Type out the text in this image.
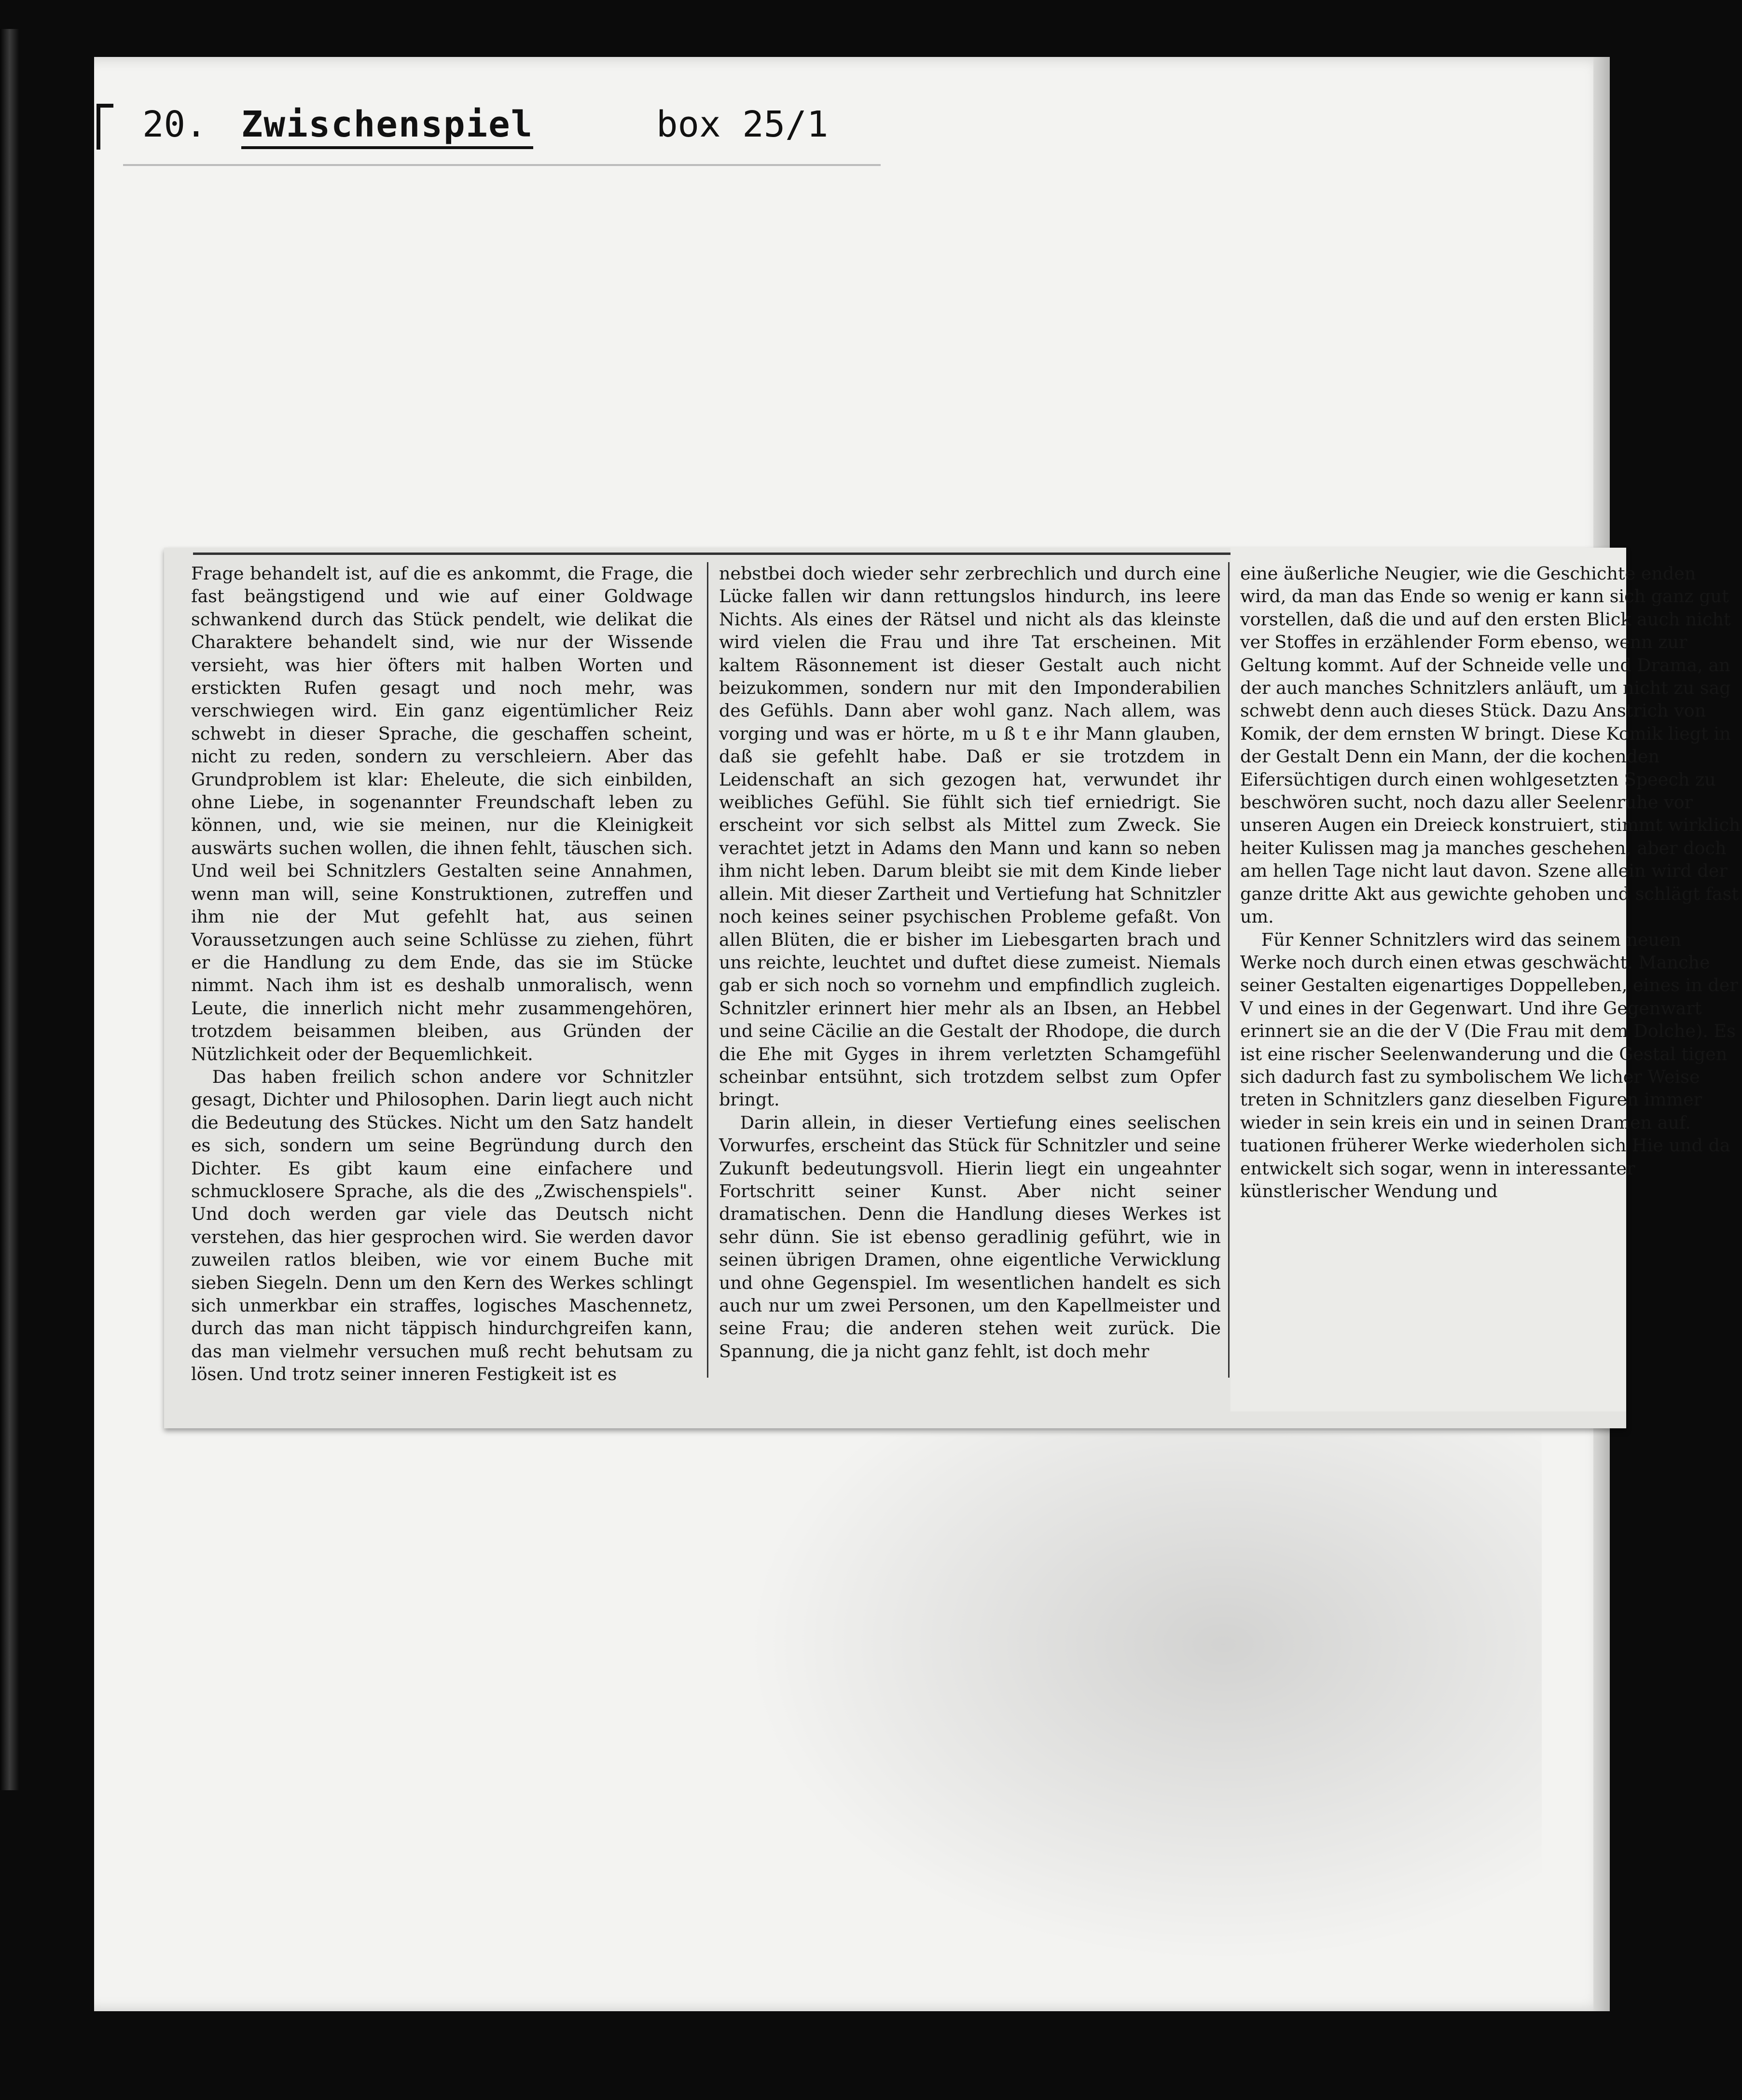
20.

Zwischenspiel

	box 25/1

Frage behandelt ist, auf die es ankommt, die Frage, die fast beängstigend und wie auf einer Goldwage schwankend durch das Stück pendelt, wie delikat die Charaktere behandelt sind, wie nur der Wissende versieht, was hier öfters mit halben Worten und erstickten Rufen gesagt und noch mehr, was verschwiegen wird. Ein ganz eigentümlicher Reiz schwebt in dieser Sprache, die geschaffen scheint, nicht zu reden, sondern zu verschleiern. Aber das Grundproblem ist klar: Eheleute, die sich einbilden, ohne Liebe, in sogenannter Freundschaft leben zu können, und, wie sie meinen, nur die Kleinigkeit auswärts suchen wollen, die ihnen fehlt, täuschen sich. Und weil bei Schnitzlers Gestalten seine Annahmen, wenn man will, seine Konstruktionen, zutreffen und ihm nie der Mut gefehlt hat, aus seinen Voraussetzungen auch seine Schlüsse zu ziehen, führt er die Handlung zu dem Ende, das sie im Stücke nimmt. Nach ihm ist es deshalb unmoralisch, wenn Leute, die innerlich nicht mehr zusammengehören, trotzdem beisammen bleiben, aus Gründen der Nützlichkeit oder der Bequemlichkeit.

Das haben freilich schon andere vor Schnitzler gesagt, Dichter und Philosophen. Darin liegt auch nicht die Bedeutung des Stückes. Nicht um den Satz handelt es sich, sondern um seine Begründung durch den Dichter. Es gibt kaum eine einfachere und schmucklosere Sprache, als die des „Zwischenspiels". Und doch werden gar viele das Deutsch nicht verstehen, das hier gesprochen wird. Sie werden davor zuweilen ratlos bleiben, wie vor einem Buche mit sieben Siegeln. Denn um den Kern des Werkes schlingt sich unmerkbar ein straffes, logisches Maschennetz, durch das man nicht täppisch hindurchgreifen kann, das man vielmehr versuchen muß recht behutsam zu lösen. Und trotz seiner inneren Festigkeit ist es

nebstbei doch wieder sehr zerbrechlich und durch eine Lücke fallen wir dann rettungslos hindurch, ins leere Nichts. Als eines der Rätsel und nicht als das kleinste wird vielen die Frau und ihre Tat erscheinen. Mit kaltem Räsonnement ist dieser Gestalt auch nicht beizukommen, sondern nur mit den Imponderabilien des Gefühls. Dann aber wohl ganz. Nach allem, was vorging und was er hörte, m u ß t e ihr Mann glauben, daß sie gefehlt habe. Daß er sie trotzdem in Leidenschaft an sich gezogen hat, verwundet ihr weibliches Gefühl. Sie fühlt sich tief erniedrigt. Sie erscheint vor sich selbst als Mittel zum Zweck. Sie verachtet jetzt in Adams den Mann und kann so neben ihm nicht leben. Darum bleibt sie mit dem Kinde lieber allein. Mit dieser Zartheit und Vertiefung hat Schnitzler noch keines seiner psychischen Probleme gefaßt. Von allen Blüten, die er bisher im Liebesgarten brach und uns reichte, leuchtet und duftet diese zumeist. Niemals gab er sich noch so vornehm und empfindlich zugleich. Schnitzler erinnert hier mehr als an Ibsen, an Hebbel und seine Cäcilie an die Gestalt der Rhodope, die durch die Ehe mit Gyges in ihrem verletzten Schamgefühl scheinbar entsühnt, sich trotzdem selbst zum Opfer bringt.

Darin allein, in dieser Vertiefung eines seelischen Vorwurfes, erscheint das Stück für Schnitzler und seine Zukunft bedeutungsvoll. Hierin liegt ein ungeahnter Fortschritt seiner Kunst. Aber nicht seiner dramatischen. Denn die Handlung dieses Werkes ist sehr dünn. Sie ist ebenso geradlinig geführt, wie in seinen übrigen Dramen, ohne eigentliche Verwicklung und ohne Gegenspiel. Im wesentlichen handelt es sich auch nur um zwei Personen, um den Kapellmeister und seine Frau; die anderen stehen weit zurück. Die Spannung, die ja nicht ganz fehlt, ist doch mehr

eine äußerliche Neugier, wie die Geschichte enden wird, da man das Ende so wenig er kann sich ganz gut vorstellen, daß die und auf den ersten Blick auch nicht ver Stoffes in erzählender Form ebenso, wenn zur Geltung kommt. Auf der Schneide velle und Drama, an der auch manches Schnitzlers anläuft, um nicht zu sag schwebt denn auch dieses Stück. Dazu Anstrich von Komik, der dem ernsten W bringt. Diese Komik liegt in der Gestalt Denn ein Mann, der die kochenden Eifersüchtigen durch einen wohlgesetzten Speech zu beschwören sucht, noch dazu aller Seelenruhe vor unseren Augen ein Dreieck konstruiert, stimmt wirklich heiter Kulissen mag ja manches geschehen, aber doch am hellen Tage nicht laut davon. Szene allein wird der ganze dritte Akt aus gewichte gehoben und schlägt fast um.

Für Kenner Schnitzlers wird das seinem neuen Werke noch durch einen etwas geschwächt. Manche seiner Gestalten eigenartiges Doppelleben, eines in der V und eines in der Gegenwart. Und ihre Gegenwart erinnert sie an die der V (Die Frau mit dem Dolche). Es ist eine rischer Seelenwanderung und die Gestal tigen sich dadurch fast zu symbolischem We licher Weise treten in Schnitzlers ganz dieselben Figuren immer wieder in sein kreis ein und in seinen Dramen auf. tuationen früherer Werke wiederholen sich Hie und da entwickelt sich sogar, wenn in interessanter künstlerischer Wendung und
